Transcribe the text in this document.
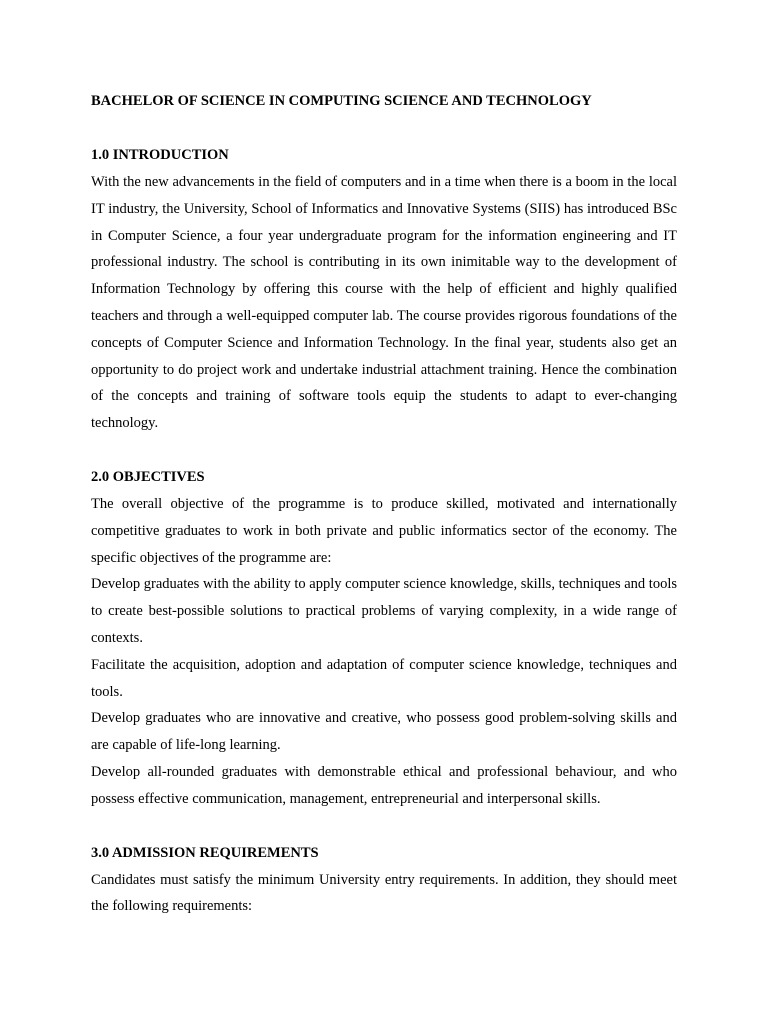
BACHELOR OF SCIENCE IN COMPUTING SCIENCE AND TECHNOLOGY
1.0 INTRODUCTION

With the new advancements in the field of computers and in a time when there is a boom in the local IT industry, the University, School of Informatics and Innovative Systems (SIIS) has introduced BSc in Computer Science, a four year undergraduate program for the information engineering and IT professional industry. The school is contributing in its own inimitable way to the development of Information Technology by offering this course with the help of efficient and highly qualified teachers and through a well-equipped computer lab. The course provides rigorous foundations of the concepts of Computer Science and Information Technology. In the final year, students also get an opportunity to do project work and undertake industrial attachment training. Hence the combination of the concepts and training of software tools equip the students to adapt to ever-changing technology.

2.0 OBJECTIVES

The overall objective of the programme is to produce skilled, motivated and internationally competitive graduates to work in both private and public informatics sector of the economy. The specific objectives of the programme are:

Develop graduates with the ability to apply computer science knowledge, skills, techniques and tools to create best-possible solutions to practical problems of varying complexity, in a wide range of contexts.

Facilitate the acquisition, adoption and adaptation of computer science knowledge, techniques and tools.

Develop graduates who are innovative and creative, who possess good problem-solving skills and are capable of life-long learning.

Develop all-rounded graduates with demonstrable ethical and professional behaviour, and who possess effective communication, management, entrepreneurial and interpersonal skills.

3.0 ADMISSION REQUIREMENTS

Candidates must satisfy the minimum University entry requirements. In addition, they should meet the following requirements:
